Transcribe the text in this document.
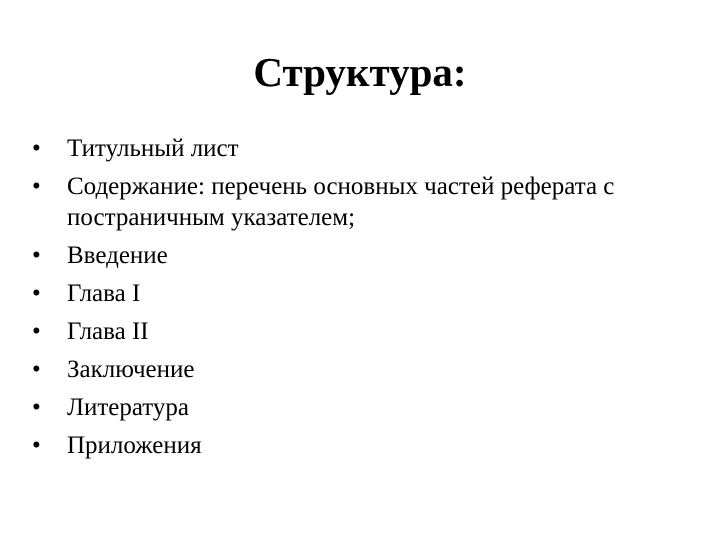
Структура:
• Титульный лист
• Содержание: перечень основных частей реферата с постраничным указателем;
• Введение
• Глава I
• Глава II
• Заключение
• Литература
• Приложения
